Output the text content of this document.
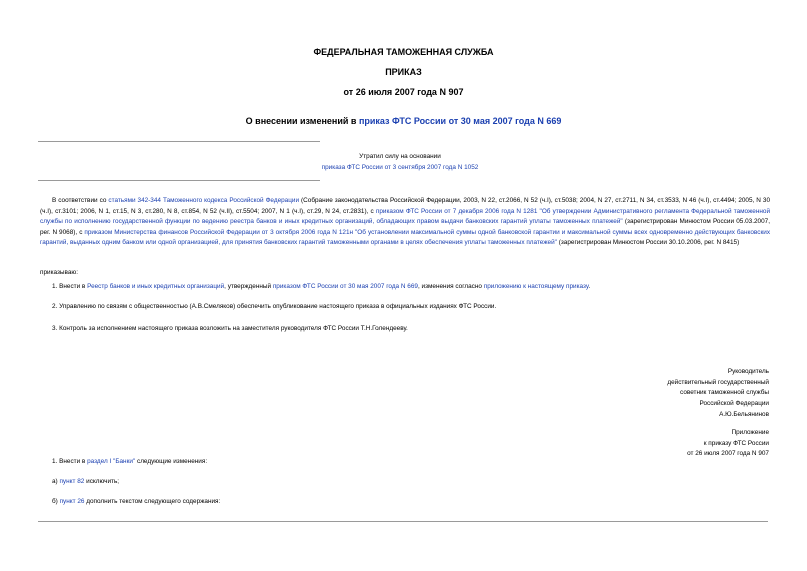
ФЕДЕРАЛЬНАЯ ТАМОЖЕННАЯ СЛУЖБА
ПРИКАЗ
от 26 июля 2007 года N 907
О внесении изменений в приказ ФТС России от 30 мая 2007 года N 669
Утратил силу на основании
приказа ФТС России от 3 сентября 2007 года N 1052
В соответствии со статьями 342-344 Таможенного кодекса Российской Федерации (Собрание законодательства Российской Федерации, 2003, N 22, ст.2066, N 52 (ч.I), ст.5038; 2004, N 27, ст.2711, N 34, ст.3533, N 46 (ч.I), ст.4494; 2005, N 30 (ч.I), ст.3101; 2006, N 1, ст.15, N 3, ст.280, N 8, ст.854, N 52 (ч.II), ст.5504; 2007, N 1 (ч.I), ст.29, N 24, ст.2831), с приказом ФТС России от 7 декабря 2006 года N 1281 "Об утверждении Административного регламента Федеральной таможенной службы по исполнению государственной функции по ведению реестра банков и иных кредитных организаций, обладающих правом выдачи банковских гарантий уплаты таможенных платежей" (зарегистрирован Минюстом России 05.03.2007, рег. N 9068), с приказом Министерства финансов Российской Федерации от 3 октября 2006 года N 121н "Об установлении максимальной суммы одной банковской гарантии и максимальной суммы всех одновременно действующих банковских гарантий, выданных одним банком или одной организацией, для принятия банковских гарантий таможенными органами в целях обеспечения уплаты таможенных платежей" (зарегистрирован Минюстом России 30.10.2006, рег. N 8415)
приказываю:
1. Внести в Реестр банков и иных кредитных организаций, утвержденный приказом ФТС России от 30 мая 2007 года N 669, изменения согласно приложению к настоящему приказу.
2. Управлению по связям с общественностью (А.В.Смеляков) обеспечить опубликование настоящего приказа в официальных изданиях ФТС России.
3. Контроль за исполнением настоящего приказа возложить на заместителя руководителя ФТС России Т.Н.Голендееву.
Руководитель
действительный государственный
советник таможенной службы
Российской Федерации
А.Ю.Бельянинов
Приложение
к приказу ФТС России
от 26 июля 2007 года N 907
1. Внести в раздел I "Банки" следующие изменения:
а) пункт 82 исключить;
б) пункт 26 дополнить текстом следующего содержания:
